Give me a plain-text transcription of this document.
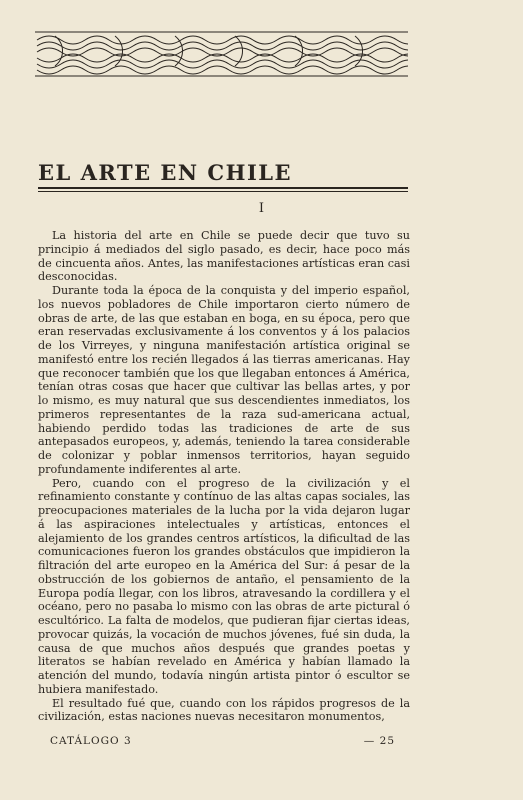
EL ARTE EN CHILE
I

La historia del arte en Chile se puede decir que tuvo su principio á mediados del siglo pasado, es decir, hace poco más de cincuenta años. Antes, las manifestaciones artísticas eran casi desconocidas.

Durante toda la época de la conquista y del imperio español, los nuevos pobladores de Chile importaron cierto número de obras de arte, de las que estaban en boga, en su época, pero que eran reservadas exclusivamente á los conventos y á los palacios de los Virreyes, y ninguna manifestación artística original se manifestó entre los recién llegados á las tierras americanas. Hay que reconocer también que los que llegaban entonces á América, tenían otras cosas que hacer que cultivar las bellas artes, y por lo mismo, es muy natural que sus descendientes inmediatos, los primeros representantes de la raza sud-americana actual, habiendo perdido todas las tradiciones de arte de sus antepasados europeos, y, además, teniendo la tarea considerable de colonizar y poblar inmensos territorios, hayan seguido profundamente indiferentes al arte.

Pero, cuando con el progreso de la civilización y el refinamiento constante y contínuo de las altas capas sociales, las preocupaciones materiales de la lucha por la vida dejaron lugar á las aspiraciones intelectuales y artísticas, entonces el alejamiento de los grandes centros artísticos, la dificultad de las comunicaciones fueron los grandes obstáculos que impidieron la filtración del arte europeo en la América del Sur: á pesar de la obstrucción de los gobiernos de antaño, el pensamiento de la Europa podía llegar, con los libros, atravesando la cordillera y el océano, pero no pasaba lo mismo con las obras de arte pictural ó escultórico. La falta de modelos, que pudieran fijar ciertas ideas, provocar quizás, la vocación de muchos jóvenes, fué sin duda, la causa de que muchos años después que grandes poetas y literatos se habían revelado en América y habían llamado la atención del mundo, todavía ningún artista pintor ó escultor se hubiera manifestado.

El resultado fué que, cuando con los rápidos progresos de la civilización, estas naciones nuevas necesitaron monumentos,

CATÁLOGO 3	— 25
